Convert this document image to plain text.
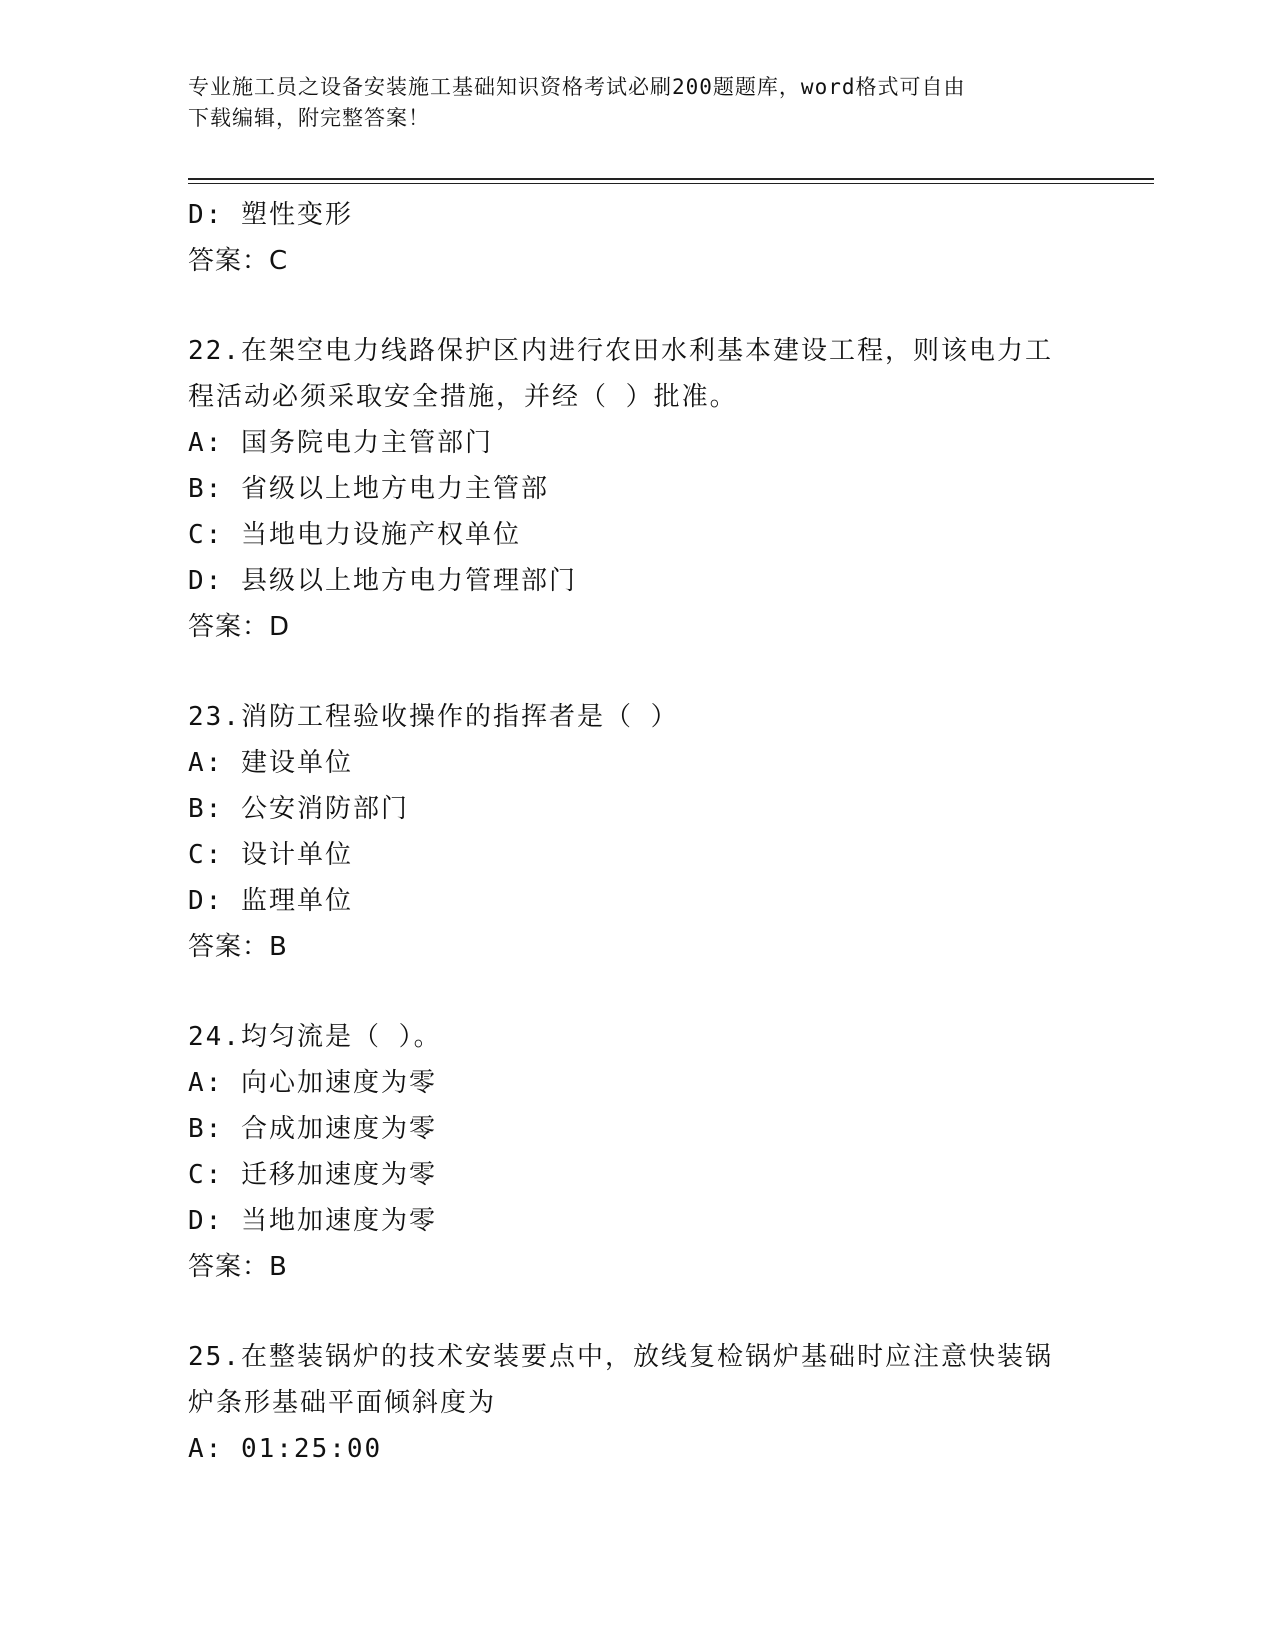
专业施工员之设备安装施工基础知识资格考试必刷200题题库，word格式可自由
下载编辑，附完整答案！
D: 塑性变形
答案：C
22.在架空电力线路保护区内进行农田水利基本建设工程，则该电力工
程活动必须采取安全措施，并经（ ）批准。
A: 国务院电力主管部门
B: 省级以上地方电力主管部
C: 当地电力设施产权单位
D: 县级以上地方电力管理部门
答案：D
23.消防工程验收操作的指挥者是（ ）
A: 建设单位
B: 公安消防部门
C: 设计单位
D: 监理单位
答案：B
24.均匀流是（ ）。
A: 向心加速度为零
B: 合成加速度为零
C: 迁移加速度为零
D: 当地加速度为零
答案：B
25.在整装锅炉的技术安装要点中，放线复检锅炉基础时应注意快装锅
炉条形基础平面倾斜度为
A: 01:25:00
